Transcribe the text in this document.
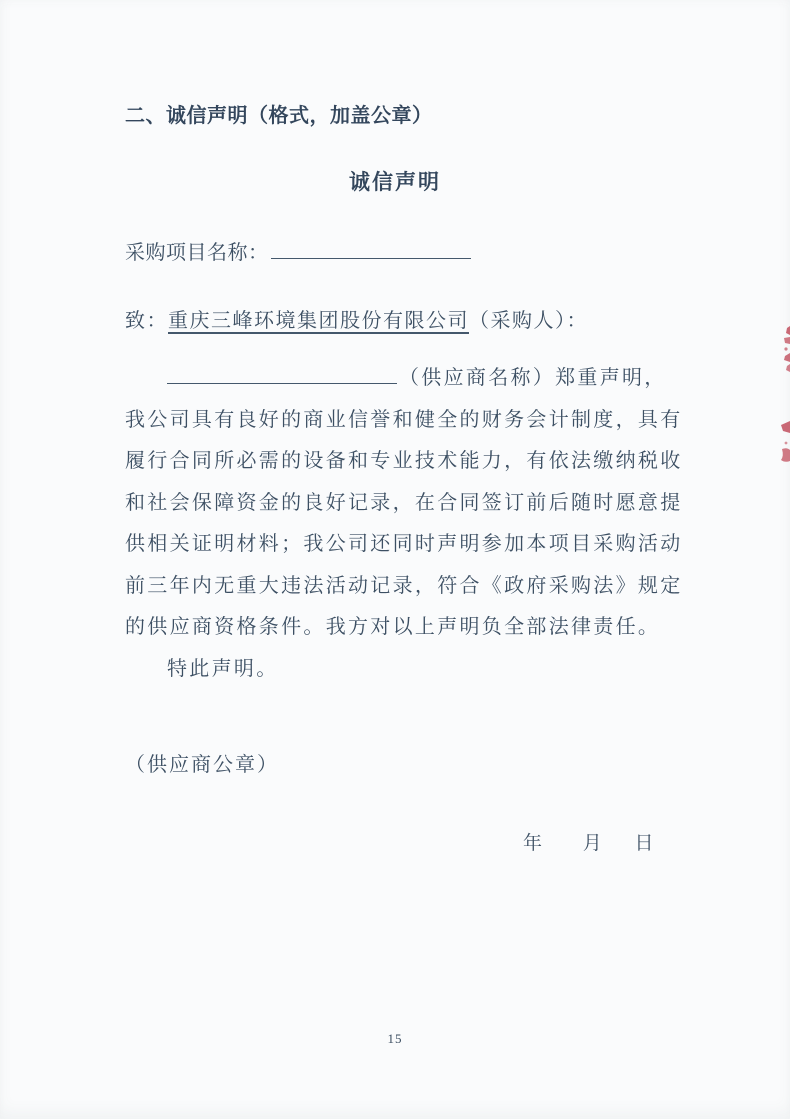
二、诚信声明（格式，加盖公章）
诚信声明
采购项目名称：
致：重庆三峰环境集团股份有限公司（采购人）：
（供应商名称）郑重声明，
我公司具有良好的商业信誉和健全的财务会计制度，具有
履行合同所必需的设备和专业技术能力，有依法缴纳税收
和社会保障资金的良好记录，在合同签订前后随时愿意提
供相关证明材料；我公司还同时声明参加本项目采购活动
前三年内无重大违法活动记录，符合《政府采购法》规定
的供应商资格条件。我方对以上声明负全部法律责任。
特此声明。
（供应商公章）
年 月 日
15
